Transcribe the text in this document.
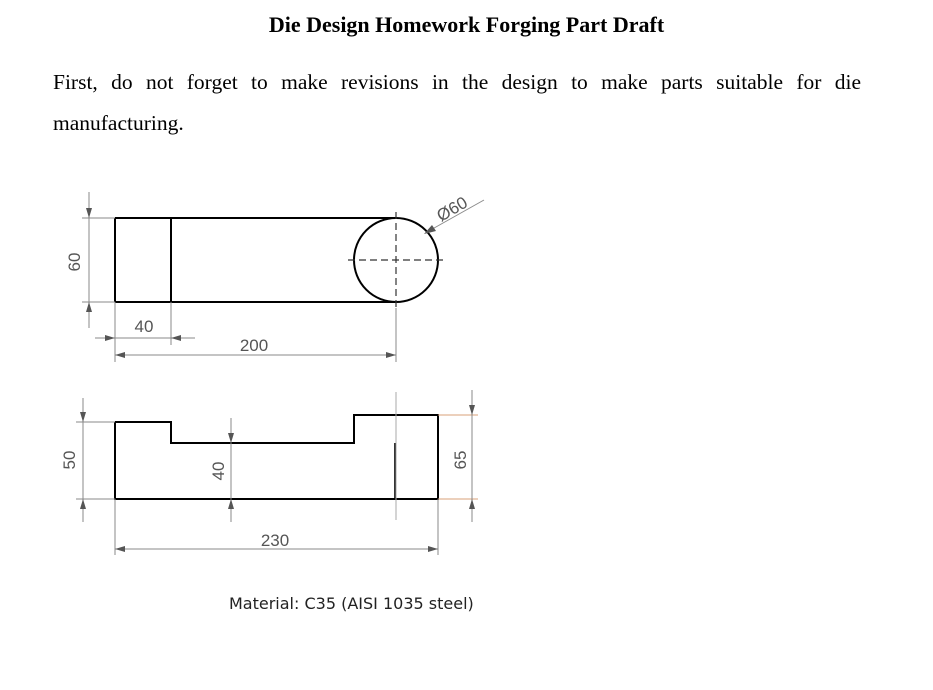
Die Design Homework Forging Part Draft
First, do not forget to make revisions in the design to make parts suitable for die manufacturing.
60
40
200
Ø60
50
40
65
230
Material: C35 (AISI 1035 steel)
